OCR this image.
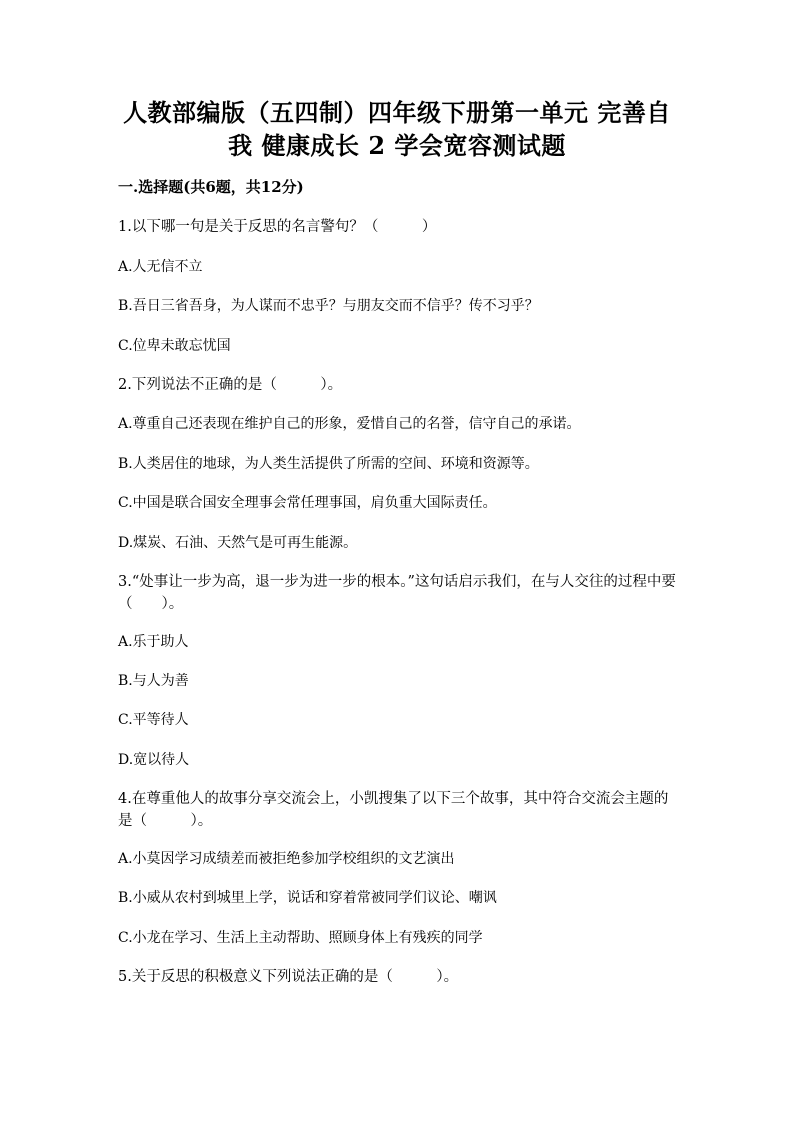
人教部编版（五四制）四年级下册第一单元 完善自
我 健康成长 2 学会宽容测试题
一.选择题(共6题，共12分)
1.以下哪一句是关于反思的名言警句？（　　　）
A.人无信不立
B.吾日三省吾身，为人谋而不忠乎？与朋友交而不信乎？传不习乎？
C.位卑未敢忘忧国
2.下列说法不正确的是（　　　）。
A.尊重自己还表现在维护自己的形象，爱惜自己的名誉，信守自己的承诺。
B.人类居住的地球，为人类生活提供了所需的空间、环境和资源等。
C.中国是联合国安全理事会常任理事国，肩负重大国际责任。
D.煤炭、石油、天然气是可再生能源。
3.“处事让一步为高，退一步为进一步的根本。”这句话启示我们，在与人交往的过程中要（　　）。
A.乐于助人
B.与人为善
C.平等待人
D.宽以待人
4.在尊重他人的故事分享交流会上，小凯搜集了以下三个故事，其中符合交流会主题的是（　　　）。
A.小莫因学习成绩差而被拒绝参加学校组织的文艺演出
B.小威从农村到城里上学，说话和穿着常被同学们议论、嘲讽
C.小龙在学习、生活上主动帮助、照顾身体上有残疾的同学
5.关于反思的积极意义下列说法正确的是（　　　）。
